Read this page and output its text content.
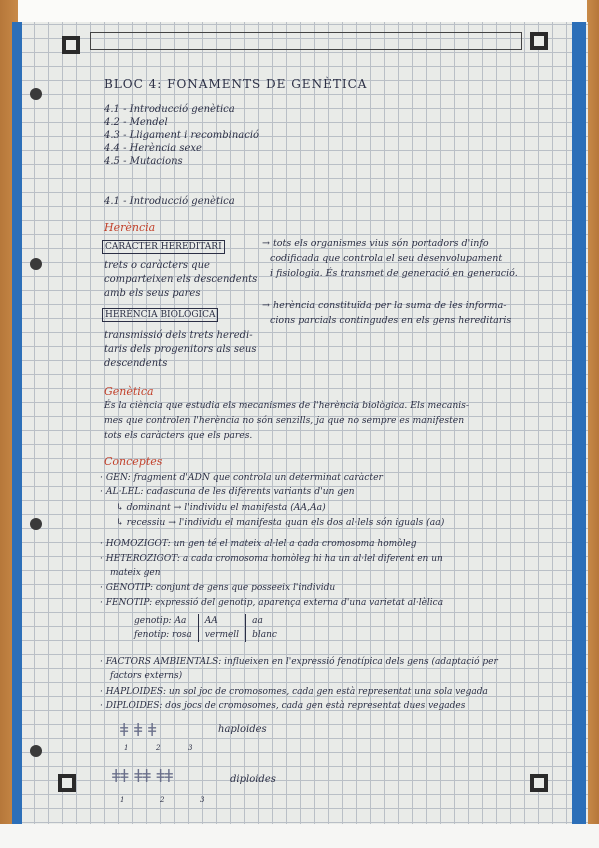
BLOC 4: FONAMENTS DE GENÈTICA
4.1 - Introducció genètica
4.2 - Mendel
4.3 - Lligament i recombinació
4.4 - Herència sexe
4.5 - Mutacions
4.1 - Introducció genètica
Herència
CARÀCTER HEREDITARI
trets o caràcters que
comparteixen els descendents
amb els seus pares
→ tots els organismes vius són portadors d'info
codificada que controla el seu desenvolupament
i fisiologia. És transmet de generació en generació.
HERÈNCIA BIOLÒGICA
transmissió dels trets heredi-
taris dels progenitors als seus
descendents
→ herència constituïda per la suma de les informa-
cions parcials contingudes en els gens hereditaris
Genètica
És la ciència que estudia els mecanismes de l'herència biològica. Els mecanis-
mes que controlen l'herència no són senzills, ja que no sempre es manifesten
tots els caràcters que els pares.
Conceptes
· GEN: fragment d'ADN que controla un determinat caràcter
· AL·LEL: cadascuna de les diferents variants d'un gen
↳ dominant → l'individu el manifesta (AA,Aa)
↳ recessiu → l'individu el manifesta quan els dos al·lels són iguals (aa)
· HOMOZIGOT: un gen té el mateix al·lel a cada cromosoma homòleg
· HETEROZIGOT: a cada cromosoma homòleg hi ha un al·lel diferent en un
mateix gen
· GENOTIP: conjunt de gens que posseeix l'individu
· FENOTIP: expressió del genotip, aparença externa d'una varietat al·lèlica
genotip: Aa	AA	aa
fenotip: rosa	vermell	blanc
· FACTORS AMBIENTALS: influeixen en l'expressió fenotípica dels gens (adaptació per
factors externs)
· HAPLOIDES: un sol joc de cromosomes, cada gen està representat una sola vegada
· DIPLOIDES: dos jocs de cromosomes, cada gen està representat dues vegades
ǂ ǂ ǂ
1	2	3
haploides
ǂǂ ǂǂ ǂǂ
1	2	3
diploides
